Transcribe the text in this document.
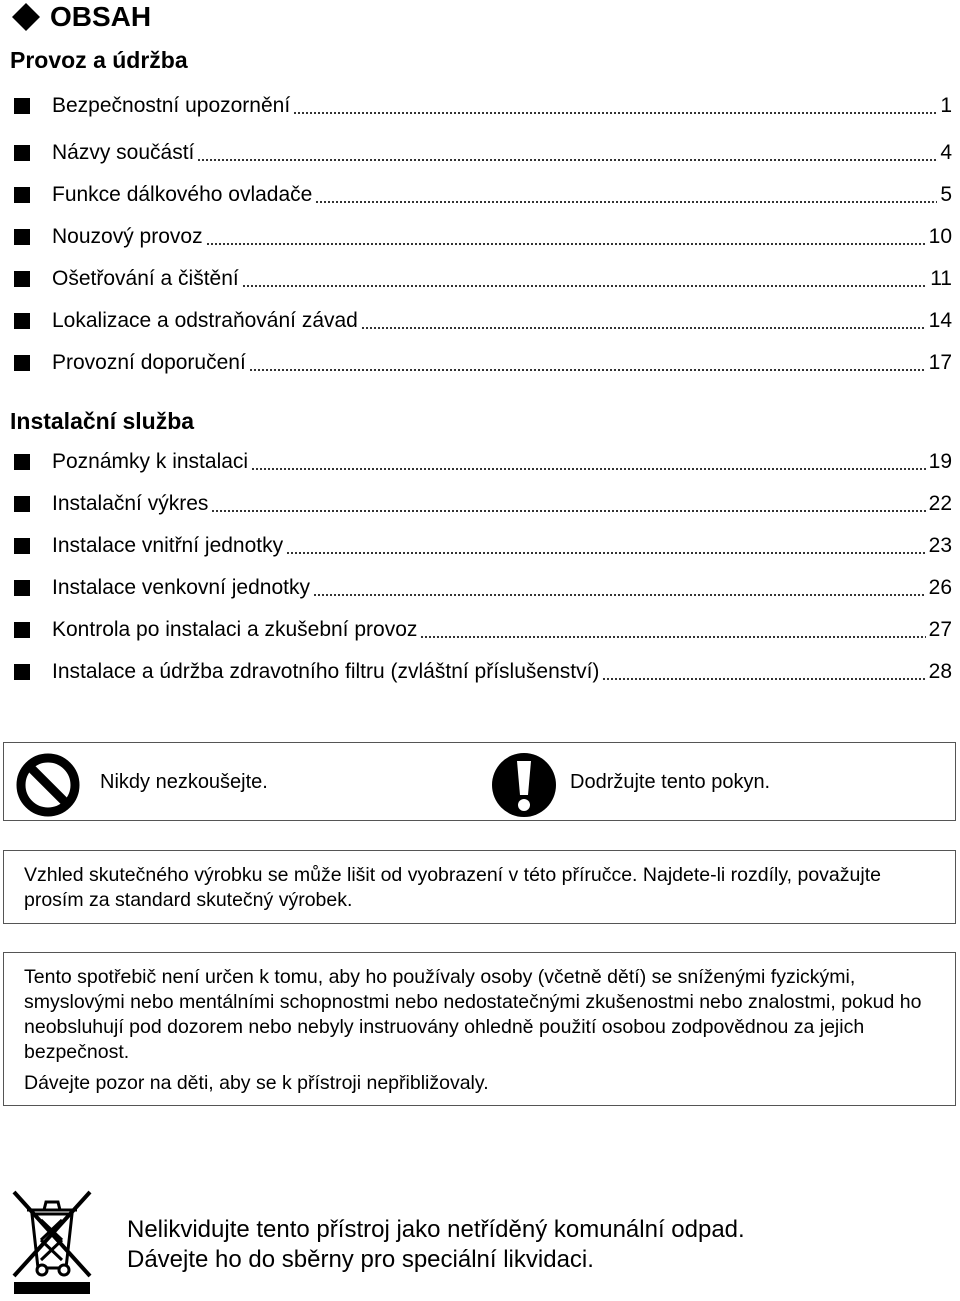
OBSAH
Provoz a údržba
Bezpečnostní upozornění	1
Názvy součástí	4
Funkce dálkového ovladače	5
Nouzový provoz	10
Ošetřování a čištění	11
Lokalizace a odstraňování závad	14
Provozní doporučení	17
Instalační služba
Poznámky k instalaci	19
Instalační výkres	22
Instalace vnitřní jednotky	23
Instalace venkovní jednotky	26
Kontrola po instalaci a zkušební provoz	27
Instalace a údržba zdravotního filtru (zvláštní příslušenství)	28
Nikdy nezkoušejte.	Dodržujte tento pokyn.
Vzhled skutečného výrobku se může lišit od vyobrazení v této příručce. Najdete-li rozdíly, považujte prosím za standard skutečný výrobek.

Tento spotřebič není určen k tomu, aby ho používaly osoby (včetně dětí) se sníženými fyzickými, smyslovými nebo mentálními schopnostmi nebo nedostatečnými zkušenostmi nebo znalostmi, pokud ho neobsluhují pod dozorem nebo nebyly instruovány ohledně použití osobou zodpovědnou za jejich bezpečnost.

Dávejte pozor na děti, aby se k přístroji nepřibližovaly.

Nelikvidujte tento přístroj jako netříděný komunální odpad.
Dávejte ho do sběrny pro speciální likvidaci.
